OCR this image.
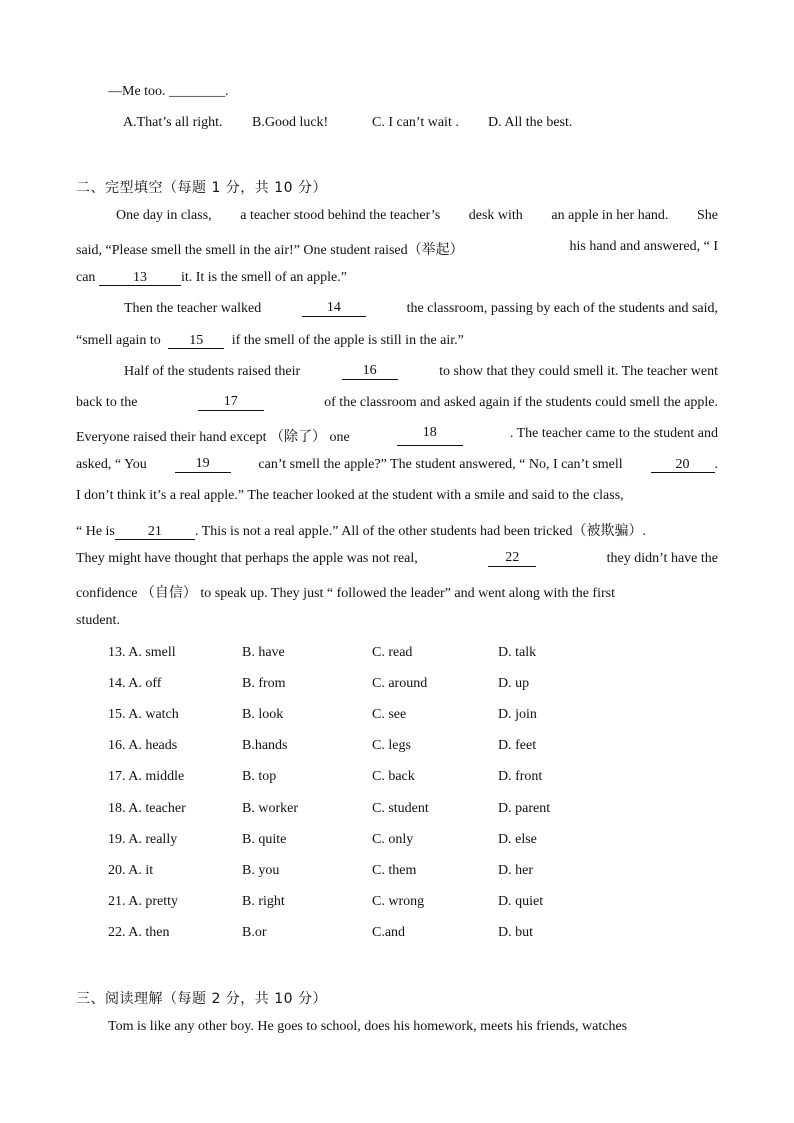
—Me too. ________.
A.That’s all right. B.Good luck!	C. I can’t wait . D. All the best.
二、完型填空（每题 1 分，共 10 分）
One day in class, a teacher stood behind the teacher’s desk with an apple in her hand. She
said, “Please smell the smell in the air!” One student raised（举起）	his hand and answered, “ I
can	13 it. It is the smell of an apple.”
Then the teacher walked	14	the classroom, passing by each of the students and said,
“smell again to 15 if the smell of the apple is still in the air.”
Half of the students raised their	16	to show that they could smell it. The teacher went
back to the	17	of the classroom and asked again if the students could smell the apple.
Everyone raised their hand except （除了） one	18	. The teacher came to the student and
asked, “ You	19	can’t smell the apple?” The student answered, “ No, I can’t smell	20 .
I don’t think it’s a real apple.” The teacher looked at the student with a smile and said to the class,
“ He is 21 . This is not a real apple.” All of the other students had been tricked（被欺骗）.
They might have thought that perhaps the apple was not real,	22	they didn’t have the
confidence （自信） to speak up. They just “ followed the leader” and went along with the first
student.
13. A. smell	B. have	C. read	D. talk
14. A. off	B. from	C. around	D. up
15. A. watch	B. look	C. see	D. join
16. A. heads	B.hands	C. legs	D. feet
17. A. middle	B. top	C. back	D. front
18. A. teacher	B. worker	C. student	D. parent
19. A. really	B. quite	C. only	D. else
20. A. it	B. you	C. them	D. her
21. A. pretty	B. right	C. wrong	D. quiet
22. A. then	B.or	C.and	D. but
三、阅读理解（每题 2 分，共 10 分）
Tom is like any other boy. He goes to school, does his homework, meets his friends, watches
